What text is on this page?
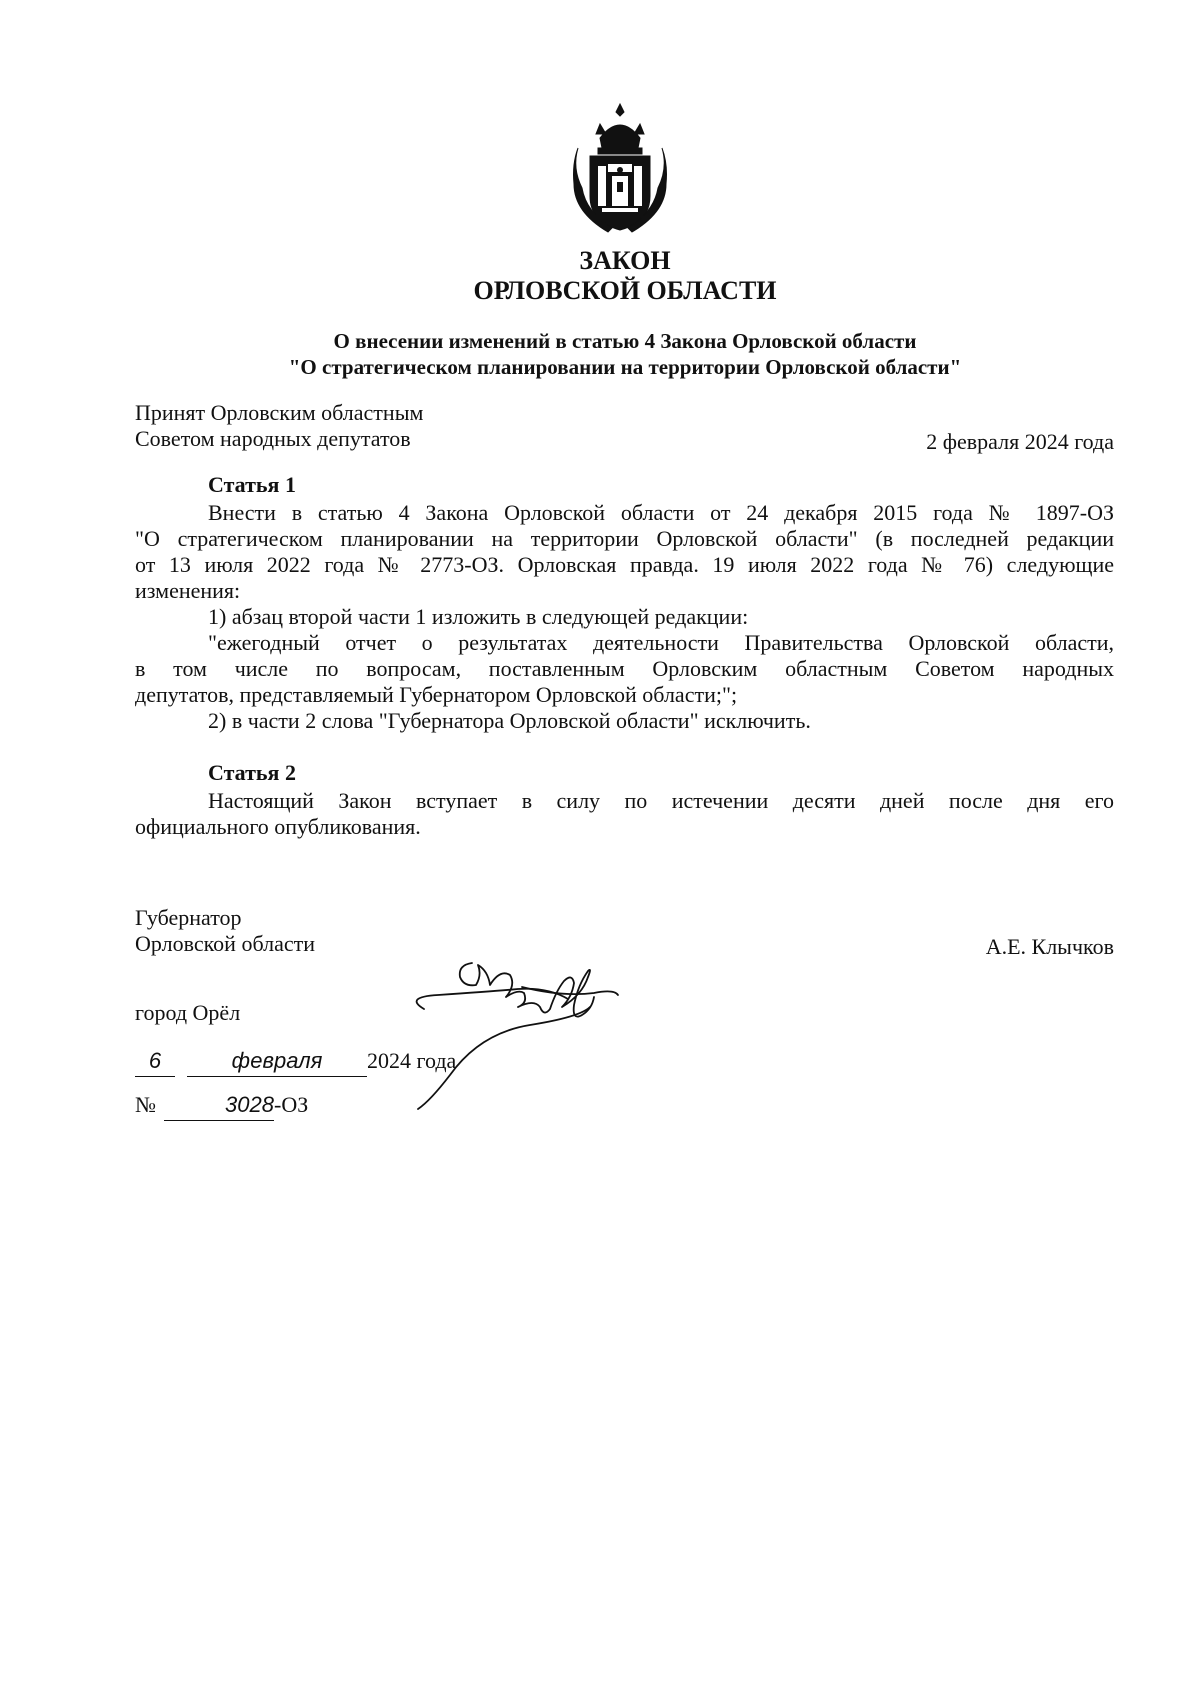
ЗАКОН
ОРЛОВСКОЙ ОБЛАСТИ
О внесении изменений в статью 4 Закона Орловской области
"О стратегическом планировании на территории Орловской области"
Принят Орловским областным
Советом народных депутатов	2 февраля 2024 года
Статья 1
Внести в статью 4 Закона Орловской области от 24 декабря 2015 года № 1897-ОЗ
"О стратегическом планировании на территории Орловской области" (в последней редакции
от 13 июля 2022 года № 2773-ОЗ. Орловская правда. 19 июля 2022 года № 76) следующие
изменения:
1) абзац второй части 1 изложить в следующей редакции:
"ежегодный отчет о результатах деятельности Правительства Орловской области,
в том числе по вопросам, поставленным Орловским областным Советом народных
депутатов, представляемый Губернатором Орловской области;";
2) в части 2 слова "Губернатора Орловской области" исключить.
Статья 2
Настоящий Закон вступает в силу по истечении десяти дней после дня его
официального опубликования.
Губернатор
Орловской области	А.Е. Клычков
город Орёл
6	февраля 2024 года
№	3028-ОЗ
